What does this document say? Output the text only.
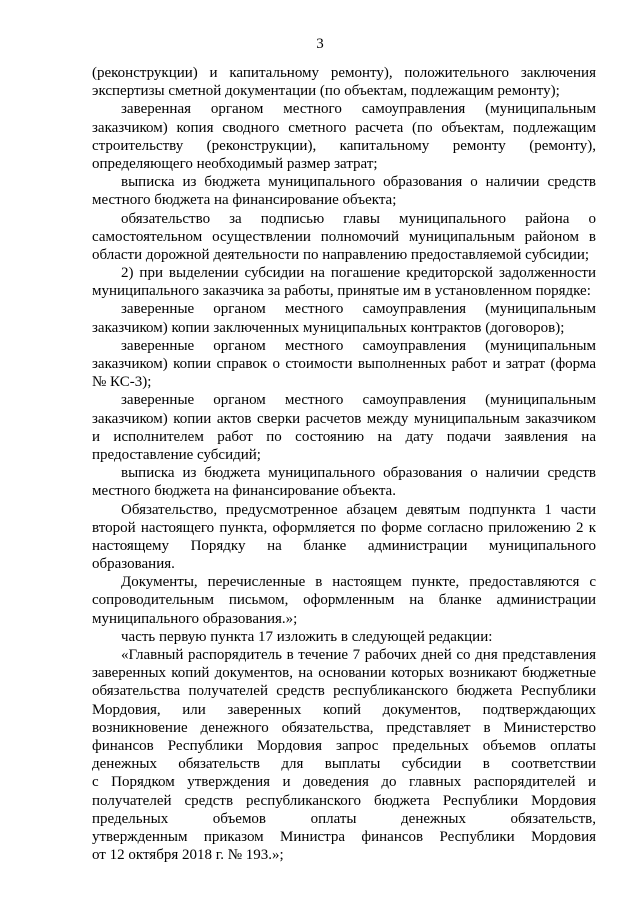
3
(реконструкции) и капитальному ремонту), положительного заключения
экспертизы сметной документации (по объектам, подлежащим ремонту);
заверенная органом местного самоуправления (муниципальным
заказчиком) копия сводного сметного расчета (по объектам, подлежащим
строительству (реконструкции), капитальному ремонту (ремонту),
определяющего необходимый размер затрат;
выписка из бюджета муниципального образования о наличии средств
местного бюджета на финансирование объекта;
обязательство за подписью главы муниципального района о
самостоятельном осуществлении полномочий муниципальным районом в
области дорожной деятельности по направлению предоставляемой субсидии;
2) при выделении субсидии на погашение кредиторской задолженности
муниципального заказчика за работы, принятые им в установленном порядке:
заверенные органом местного самоуправления (муниципальным
заказчиком) копии заключенных муниципальных контрактов (договоров);
заверенные органом местного самоуправления (муниципальным
заказчиком) копии справок о стоимости выполненных работ и затрат (форма
№ КС-3);
заверенные органом местного самоуправления (муниципальным
заказчиком) копии актов сверки расчетов между муниципальным заказчиком
и исполнителем работ по состоянию на дату подачи заявления на
предоставление субсидий;
выписка из бюджета муниципального образования о наличии средств
местного бюджета на финансирование объекта.
Обязательство, предусмотренное абзацем девятым подпункта 1 части
второй настоящего пункта, оформляется по форме согласно приложению 2 к
настоящему Порядку на бланке администрации муниципального
образования.
Документы, перечисленные в настоящем пункте, предоставляются с
сопроводительным письмом, оформленным на бланке администрации
муниципального образования.»;
часть первую пункта 17 изложить в следующей редакции:
«Главный распорядитель в течение 7 рабочих дней со дня представления
заверенных копий документов, на основании которых возникают бюджетные
обязательства получателей средств республиканского бюджета Республики
Мордовия, или заверенных копий документов, подтверждающих
возникновение денежного обязательства, представляет в Министерство
финансов Республики Мордовия запрос предельных объемов оплаты
денежных обязательств для выплаты субсидии в соответствии
с Порядком утверждения и доведения до главных распорядителей и
получателей средств республиканского бюджета Республики Мордовия
предельных объемов оплаты денежных обязательств,
утвержденным приказом Министра финансов Республики Мордовия
от 12 октября 2018 г. № 193.»;
